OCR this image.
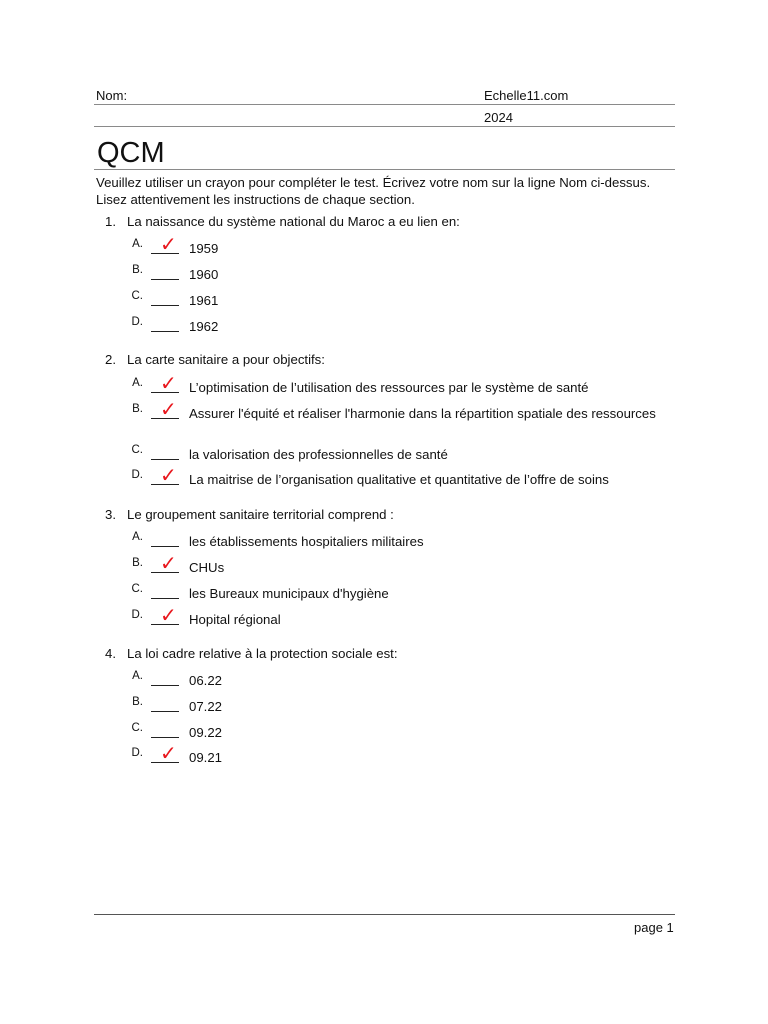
Nom:	Echelle11.com
2024
QCM
Veuillez utiliser un crayon pour compléter le test. Écrivez votre nom sur la ligne Nom ci-dessus. Lisez attentivement les instructions de chaque section.
1. La naissance du système national du Maroc a eu lien en:
A. ✓ 1959
B.	1960
C.	1961
D.	1962
2. La carte sanitaire a pour objectifs:
A. ✓ L’optimisation de l’utilisation des ressources par le système de santé
B. ✓ Assurer l'équité et réaliser l'harmonie dans la répartition spatiale des ressources
C.	la valorisation des professionnelles de santé
D. ✓ La maitrise de l’organisation qualitative et quantitative de l’offre de soins
3. Le groupement sanitaire territorial comprend :
A.	les établissements hospitaliers militaires
B. ✓ CHUs
C.	les Bureaux municipaux d'hygiène
D. ✓ Hopital régional
4. La loi cadre relative à la protection sociale est:
A.	06.22
B.	07.22
C.	09.22
D. ✓ 09.21
page 1
